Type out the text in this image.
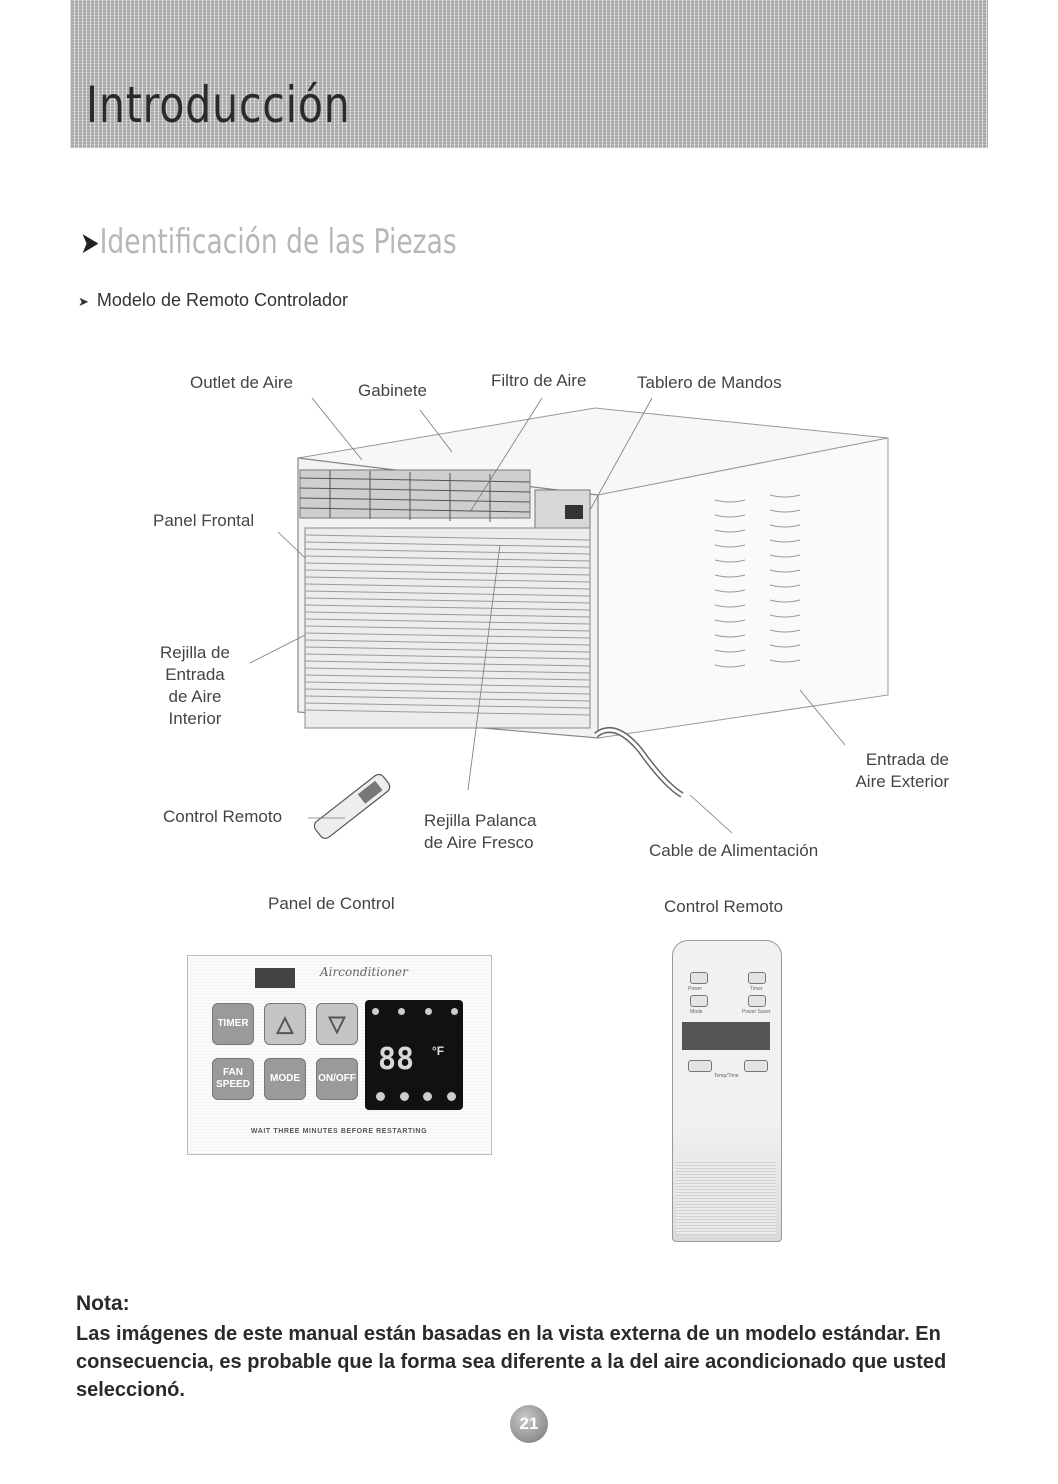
Introducción
➤Identificación de las Piezas
➤ Modelo de Remoto Controlador
Outlet de Aire	Gabinete
Filtro de Aire	Tablero de Mandos
Panel Frontal
Rejilla de
Entrada
de Aire
Interior
Entrada de
Aire Exterior
Control Remoto	Rejilla Palanca
de Aire Fresco	Cable de Alimentación
Panel de Control	Control Remoto
Airconditioner
TIMER	△	▽
FAN
SPEED
MODE	ON/OFF
88 °F
WAIT THREE MINUTES BEFORE RESTARTING
Power	Timer
Mode	Power Saver
Temp/Time
Nota:
Las imágenes de este manual están basadas en la vista externa de un modelo estándar. En consecuencia, es probable que la forma sea diferente a la del aire acondicionado que usted seleccionó.
21
